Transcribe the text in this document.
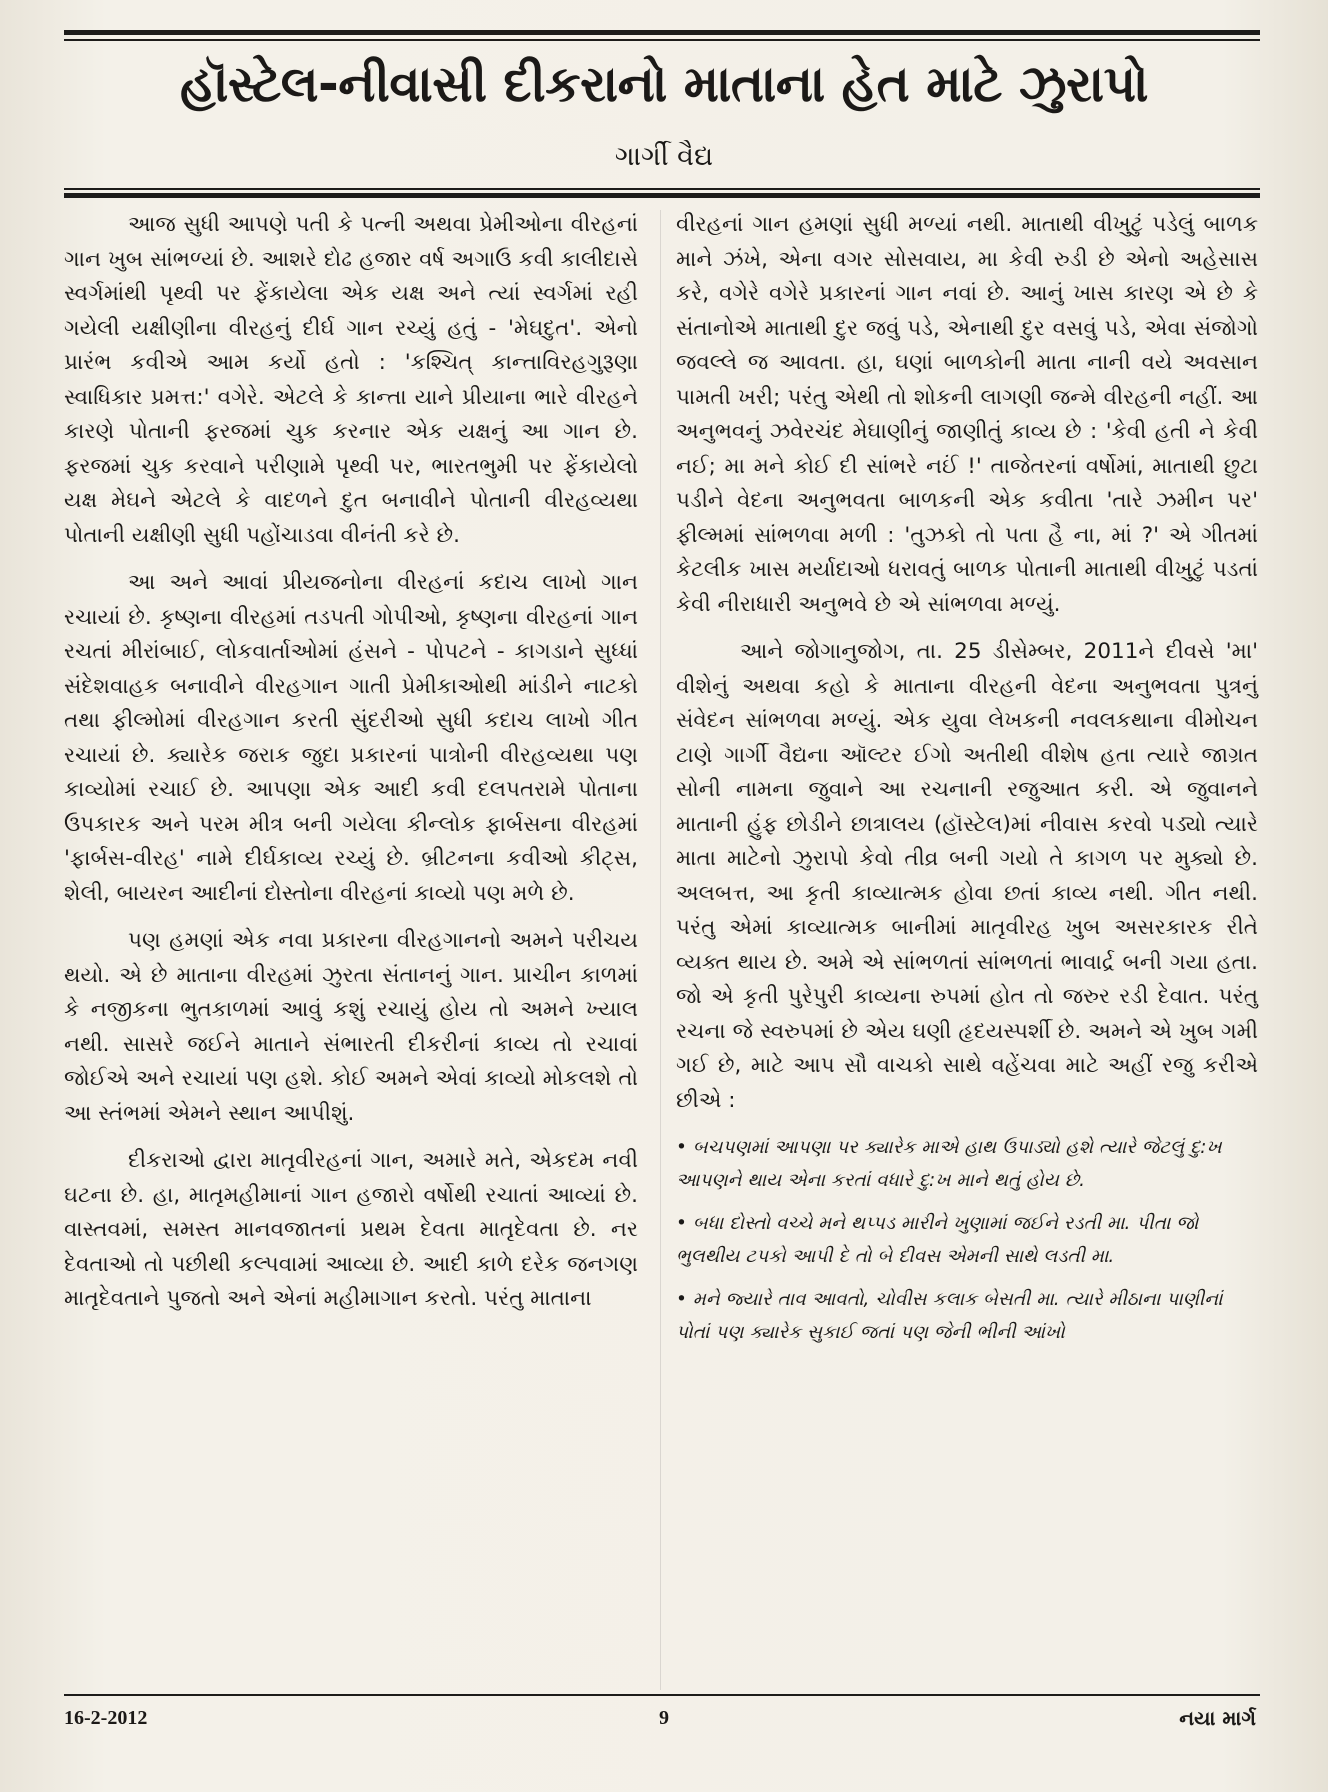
હૉસ્ટેલ-નીવાસી દીકરાનો માતાના હેત માટે ઝુરાપો
ગાર્ગી વૈદ્ય

આજ સુધી આપણે પતી કે પત્ની અથવા પ્રેમીઓના વીરહનાં ગાન ખુબ સાંભળ્યાં છે. આશરે દોઢ હજાર વર્ષ અગાઉ કવી કાલીદાસે સ્વર્ગમાંથી પૃથ્વી પર ફેંકાયેલા એક યક્ષ અને ત્યાં સ્વર્ગમાં રહી ગયેલી યક્ષીણીના વીરહનું દીર્ઘ ગાન રચ્યું હતું - 'મેઘદુત'. એનો પ્રારંભ કવીએ આમ કર્યો હતો : 'કશ્ચિત્ કાન્તાવિરહગુરૂણા સ્વાધિકાર પ્રમત્ત:' વગેરે. એટલે કે કાન્તા યાને પ્રીયાના ભારે વીરહને કારણે પોતાની ફરજમાં ચુક કરનાર એક યક્ષનું આ ગાન છે. ફરજમાં ચુક કરવાને પરીણામે પૃથ્વી પર, ભારતભુમી પર ફેંકાયેલો યક્ષ મેઘને એટલે કે વાદળને દુત બનાવીને પોતાની વીરહવ્યથા પોતાની યક્ષીણી સુધી પહોંચાડવા વીનંતી કરે છે.

આ અને આવાં પ્રીયજનોના વીરહનાં કદાચ લાખો ગાન રચાયાં છે. કૃષ્ણના વીરહમાં તડપતી ગોપીઓ, કૃષ્ણના વીરહનાં ગાન રચતાં મીરાંબાઈ, લોકવાર્તાઓમાં હંસને - પોપટને - કાગડાને સુધ્ધાં સંદેશવાહક બનાવીને વીરહગાન ગાતી પ્રેમીકાઓથી માંડીને નાટકો તથા ફીલ્મોમાં વીરહગાન કરતી સુંદરીઓ સુધી કદાચ લાખો ગીત રચાયાં છે. ક્યારેક જરાક જુદા પ્રકારનાં પાત્રોની વીરહવ્યથા પણ કાવ્યોમાં રચાઈ છે. આપણા એક આદી કવી દલપતરામે પોતાના ઉપકારક અને પરમ મીત્ર બની ગયેલા કીન્લોક ફાર્બસના વીરહમાં 'ફાર્બસ-વીરહ' નામે દીર્ઘકાવ્ય રચ્યું છે. બ્રીટનના કવીઓ કીટ્સ, શેલી, બાયરન આદીનાં દોસ્તોના વીરહનાં કાવ્યો પણ મળે છે.

પણ હમણાં એક નવા પ્રકારના વીરહગાનનો અમને પરીચય થયો. એ છે માતાના વીરહમાં ઝુરતા સંતાનનું ગાન. પ્રાચીન કાળમાં કે નજીકના ભુતકાળમાં આવું કશું રચાયું હોય તો અમને ખ્યાલ નથી. સાસરે જઈને માતાને સંભારતી દીકરીનાં કાવ્ય તો રચાવાં જોઈએ અને રચાયાં પણ હશે. કોઈ અમને એવાં કાવ્યો મોકલશે તો આ સ્તંભમાં એમને સ્થાન આપીશું.

દીકરાઓ દ્વારા માતૃવીરહનાં ગાન, અમારે મતે, એકદમ નવી ઘટના છે. હા, માતૃમહીમાનાં ગાન હજારો વર્ષોથી રચાતાં આવ્યાં છે. વાસ્તવમાં, સમસ્ત માનવજાતનાં પ્રથમ દેવતા માતૃદેવતા છે. નર દેવતાઓ તો પછીથી કલ્પવામાં આવ્યા છે. આદી કાળે દરેક જનગણ માતૃદેવતાને પુજતો અને એનાં મહીમાગાન કરતો. પરંતુ માતાના

વીરહનાં ગાન હમણાં સુધી મળ્યાં નથી. માતાથી વીખુટું પડેલું બાળક માને ઝંખે, એના વગર સોસવાય, મા કેવી રુડી છે એનો અહેસાસ કરે, વગેરે વગેરે પ્રકારનાં ગાન નવાં છે. આનું ખાસ કારણ એ છે કે સંતાનોએ માતાથી દુર જવું પડે, એનાથી દુર વસવું પડે, એવા સંજોગો જવલ્લે જ આવતા. હા, ઘણાં બાળકોની માતા નાની વયે અવસાન પામતી ખરી; પરંતુ એથી તો શોકની લાગણી જન્મે વીરહની નહીં. આ અનુભવનું ઝવેરચંદ મેઘાણીનું જાણીતું કાવ્ય છે : 'કેવી હતી ને કેવી નઈ; મા મને કોઈ દી સાંભરે નઈં !' તાજેતરનાં વર્ષોમાં, માતાથી છુટા પડીને વેદના અનુભવતા બાળકની એક કવીતા 'તારે ઝમીન પર' ફીલ્મમાં સાંભળવા મળી : 'તુઝકો તો પતા હૈ ના, માં ?' એ ગીતમાં કેટલીક ખાસ મર્યાદાઓ ધરાવતું બાળક પોતાની માતાથી વીખુટું પડતાં કેવી નીરાધારી અનુભવે છે એ સાંભળવા મળ્યું.

આને જોગાનુજોગ, તા. 25 ડીસેમ્બર, 2011ને દીવસે 'મા' વીશેનું અથવા કહો કે માતાના વીરહની વેદના અનુભવતા પુત્રનું સંવેદન સાંભળવા મળ્યું. એક યુવા લેખકની નવલકથાના વીમોચન ટાણે ગાર્ગી વૈદ્યના ઑલ્ટર ઈગો અતીથી વીશેષ હતા ત્યારે જાગ્રત સોની નામના જુવાને આ રચનાની રજુઆત કરી. એ જુવાનને માતાની હુંફ છોડીને છાત્રાલય (હૉસ્ટેલ)માં નીવાસ કરવો પડ્યો ત્યારે માતા માટેનો ઝુરાપો કેવો તીવ્ર બની ગયો તે કાગળ પર મુક્યો છે. અલબત્ત, આ કૃતી કાવ્યાત્મક હોવા છતાં કાવ્ય નથી. ગીત નથી. પરંતુ એમાં કાવ્યાત્મક બાનીમાં માતૃવીરહ ખુબ અસરકારક રીતે વ્યક્ત થાય છે. અમે એ સાંભળતાં સાંભળતાં ભાવાર્દ્ર બની ગયા હતા. જો એ કૃતી પુરેપુરી કાવ્યના રુપમાં હોત તો જરુર રડી દેવાત. પરંતુ રચના જે સ્વરુપમાં છે એય ઘણી હૃદયસ્પર્શી છે. અમને એ ખુબ ગમી ગઈ છે, માટે આપ સૌ વાચકો સાથે વહેંચવા માટે અહીં રજુ કરીએ છીએ :

• બચપણમાં આપણા પર ક્યારેક માએ હાથ ઉપાડ્યો હશે ત્યારે જેટલું દુ:ખ આપણને થાય એના કરતાં વધારે દુ:ખ માને થતું હોય છે.
• બધા દોસ્તો વચ્ચે મને થપ્પડ મારીને ખુણામાં જઈને રડતી મા. પીતા જો ભુલથીય ટપકો આપી દે તો બે દીવસ એમની સાથે લડતી મા.
• મને જ્યારે તાવ આવતો, ચોવીસ કલાક બેસતી મા. ત્યારે મીઠાના પાણીનાં પોતાં પણ ક્યારેક સુકાઈ જતાં પણ જેની ભીની આંખો
16-2-2012	9	નયા માર્ગ
